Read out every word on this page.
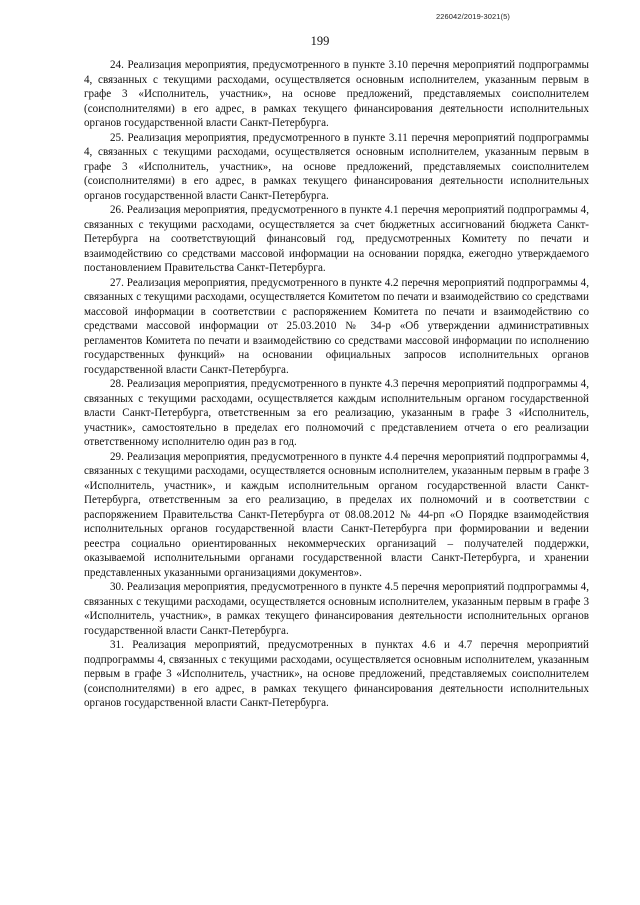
226042/2019-3021(5)
199

24. Реализация мероприятия, предусмотренного в пункте 3.10 перечня мероприятий подпрограммы 4, связанных с текущими расходами, осуществляется основным исполнителем, указанным первым в графе 3 «Исполнитель, участник», на основе предложений, представляемых соисполнителем (соисполнителями) в его адрес, в рамках текущего финансирования деятельности исполнительных органов государственной власти Санкт-Петербурга.

25. Реализация мероприятия, предусмотренного в пункте 3.11 перечня мероприятий подпрограммы 4, связанных с текущими расходами, осуществляется основным исполнителем, указанным первым в графе 3 «Исполнитель, участник», на основе предложений, представляемых соисполнителем (соисполнителями) в его адрес, в рамках текущего финансирования деятельности исполнительных органов государственной власти Санкт-Петербурга.

26. Реализация мероприятия, предусмотренного в пункте 4.1 перечня мероприятий подпрограммы 4, связанных с текущими расходами, осуществляется за счет бюджетных ассигнований бюджета Санкт-Петербурга на соответствующий финансовый год, предусмотренных Комитету по печати и взаимодействию со средствами массовой информации на основании порядка, ежегодно утверждаемого постановлением Правительства Санкт-Петербурга.

27. Реализация мероприятия, предусмотренного в пункте 4.2 перечня мероприятий подпрограммы 4, связанных с текущими расходами, осуществляется Комитетом по печати и взаимодействию со средствами массовой информации в соответствии с распоряжением Комитета по печати и взаимодействию со средствами массовой информации от 25.03.2010 № 34-р «Об утверждении административных регламентов Комитета по печати и взаимодействию со средствами массовой информации по исполнению государственных функций» на основании официальных запросов исполнительных органов государственной власти Санкт-Петербурга.

28. Реализация мероприятия, предусмотренного в пункте 4.3 перечня мероприятий подпрограммы 4, связанных с текущими расходами, осуществляется каждым исполнительным органом государственной власти Санкт-Петербурга, ответственным за его реализацию, указанным в графе 3 «Исполнитель, участник», самостоятельно в пределах его полномочий с представлением отчета о его реализации ответственному исполнителю один раз в год.

29. Реализация мероприятия, предусмотренного в пункте 4.4 перечня мероприятий подпрограммы 4, связанных с текущими расходами, осуществляется основным исполнителем, указанным первым в графе 3 «Исполнитель, участник», и каждым исполнительным органом государственной власти Санкт-Петербурга, ответственным за его реализацию, в пределах их полномочий и в соответствии с распоряжением Правительства Санкт-Петербурга от 08.08.2012 № 44-рп «О Порядке взаимодействия исполнительных органов государственной власти Санкт-Петербурга при формировании и ведении реестра социально ориентированных некоммерческих организаций – получателей поддержки, оказываемой исполнительными органами государственной власти Санкт-Петербурга, и хранении представленных указанными организациями документов».

30. Реализация мероприятия, предусмотренного в пункте 4.5 перечня мероприятий подпрограммы 4, связанных с текущими расходами, осуществляется основным исполнителем, указанным первым в графе 3 «Исполнитель, участник», в рамках текущего финансирования деятельности исполнительных органов государственной власти Санкт-Петербурга.

31. Реализация мероприятий, предусмотренных в пунктах 4.6 и 4.7 перечня мероприятий подпрограммы 4, связанных с текущими расходами, осуществляется основным исполнителем, указанным первым в графе 3 «Исполнитель, участник», на основе предложений, представляемых соисполнителем (соисполнителями) в его адрес, в рамках текущего финансирования деятельности исполнительных органов государственной власти Санкт-Петербурга.
